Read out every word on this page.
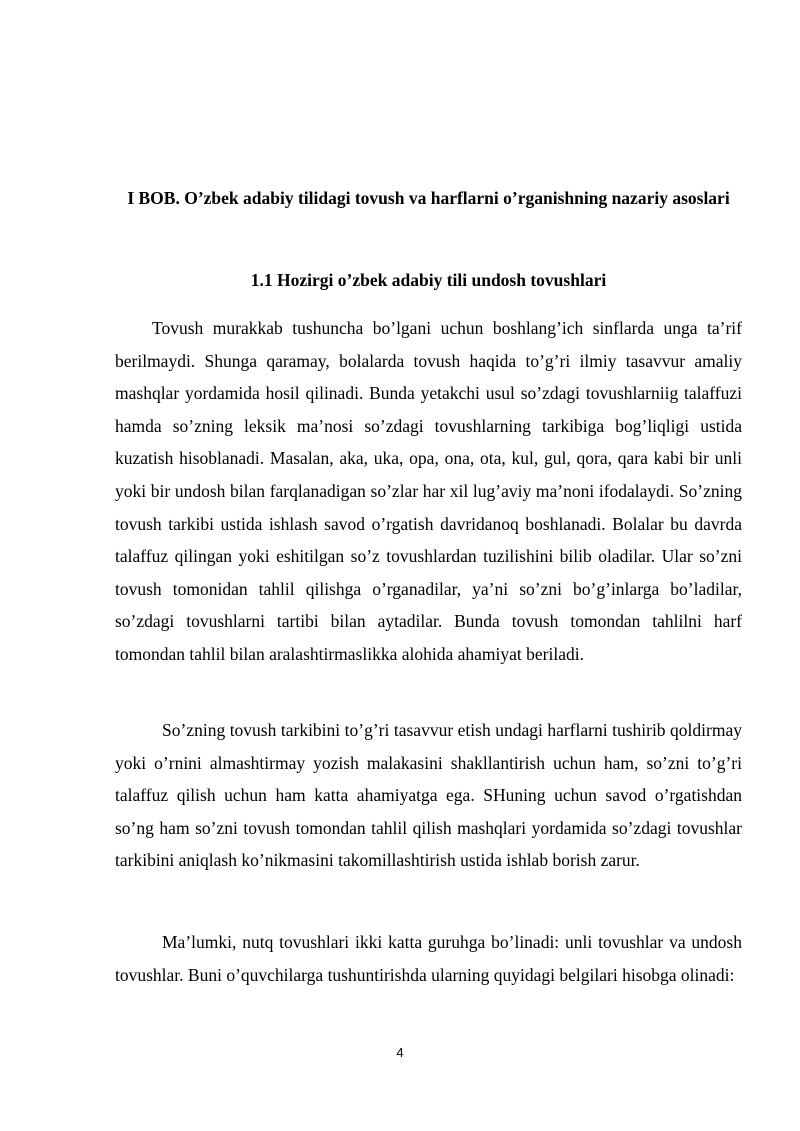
I BOB. O’zbek adabiy tilidagi tovush va harflarni o’rganishning nazariy asoslari
1.1 Hozirgi o’zbek adabiy tili undosh tovushlari

Tovush murakkab tushuncha bo’lgani uchun boshlang’ich sinflarda unga ta’rif berilmaydi. Shunga qaramay, bolalarda tovush haqida to’g’ri ilmiy tasavvur amaliy mashqlar yordamida hosil qilinadi. Bunda yetakchi usul so’zdagi tovushlarniig talaffuzi hamda so’zning leksik ma’nosi so’zdagi tovushlarning tarkibiga bog’liqligi ustida kuzatish hisoblanadi. Masalan, aka, uka, opa, ona, ota, kul, gul, qora, qara kabi bir unli yoki bir undosh bilan farqlanadigan so’zlar har xil lug’aviy ma’noni ifodalaydi. So’zning tovush tarkibi ustida ishlash savod o’rgatish davridanoq boshlanadi. Bolalar bu davrda talaffuz qilingan yoki eshitilgan so’z tovushlardan tuzilishini bilib oladilar. Ular so’zni tovush tomonidan tahlil qilishga o’rganadilar, ya’ni so’zni bo’g’inlarga bo’ladilar, so’zdagi tovushlarni tartibi bilan aytadilar. Bunda tovush tomondan tahlilni harf tomondan tahlil bilan aralashtirmaslikka alohida ahamiyat beriladi.

So’zning tovush tarkibini to’g’ri tasavvur etish undagi harflarni tushirib qoldirmay yoki o’rnini almashtirmay yozish malakasini shakllantirish uchun ham, so’zni to’g’ri talaffuz qilish uchun ham katta ahamiyatga ega. SHuning uchun savod o’rgatishdan so’ng ham so’zni tovush tomondan tahlil qilish mashqlari yordamida so’zdagi tovushlar tarkibini aniqlash ko’nikmasini takomillashtirish ustida ishlab borish zarur.

Ma’lumki, nutq tovushlari ikki katta guruhga bo’linadi: unli tovushlar va undosh tovushlar. Buni o’quvchilarga tushuntirishda ularning quyidagi belgilari hisobga olinadi:

4
